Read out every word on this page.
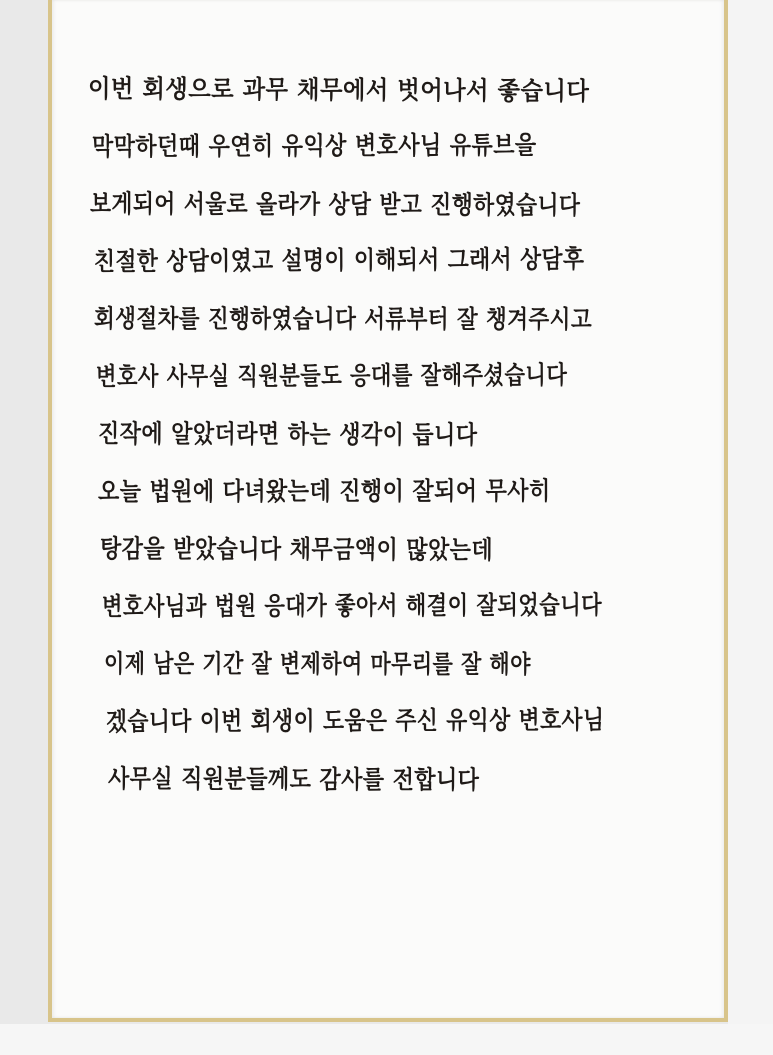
이번 회생으로 과무 채무에서 벗어나서 좋습니다
막막하던때 우연히 유익상 변호사님 유튜브을
보게되어 서울로 올라가 상담 받고 진행하였습니다
친절한 상담이였고 설명이 이해되서 그래서 상담후
회생절차를 진행하였습니다 서류부터 잘 챙겨주시고
변호사 사무실 직원분들도 응대를 잘해주셨습니다
진작에 알았더라면 하는 생각이 듭니다
오늘 법원에 다녀왔는데 진행이 잘되어 무사히
탕감을 받았습니다 채무금액이 많았는데
변호사님과 법원 응대가 좋아서 해결이 잘되었습니다
이제 남은 기간 잘 변제하여 마무리를 잘 해야
겠습니다 이번 회생이 도움은 주신 유익상 변호사님
사무실 직원분들께도 감사를 전합니다
